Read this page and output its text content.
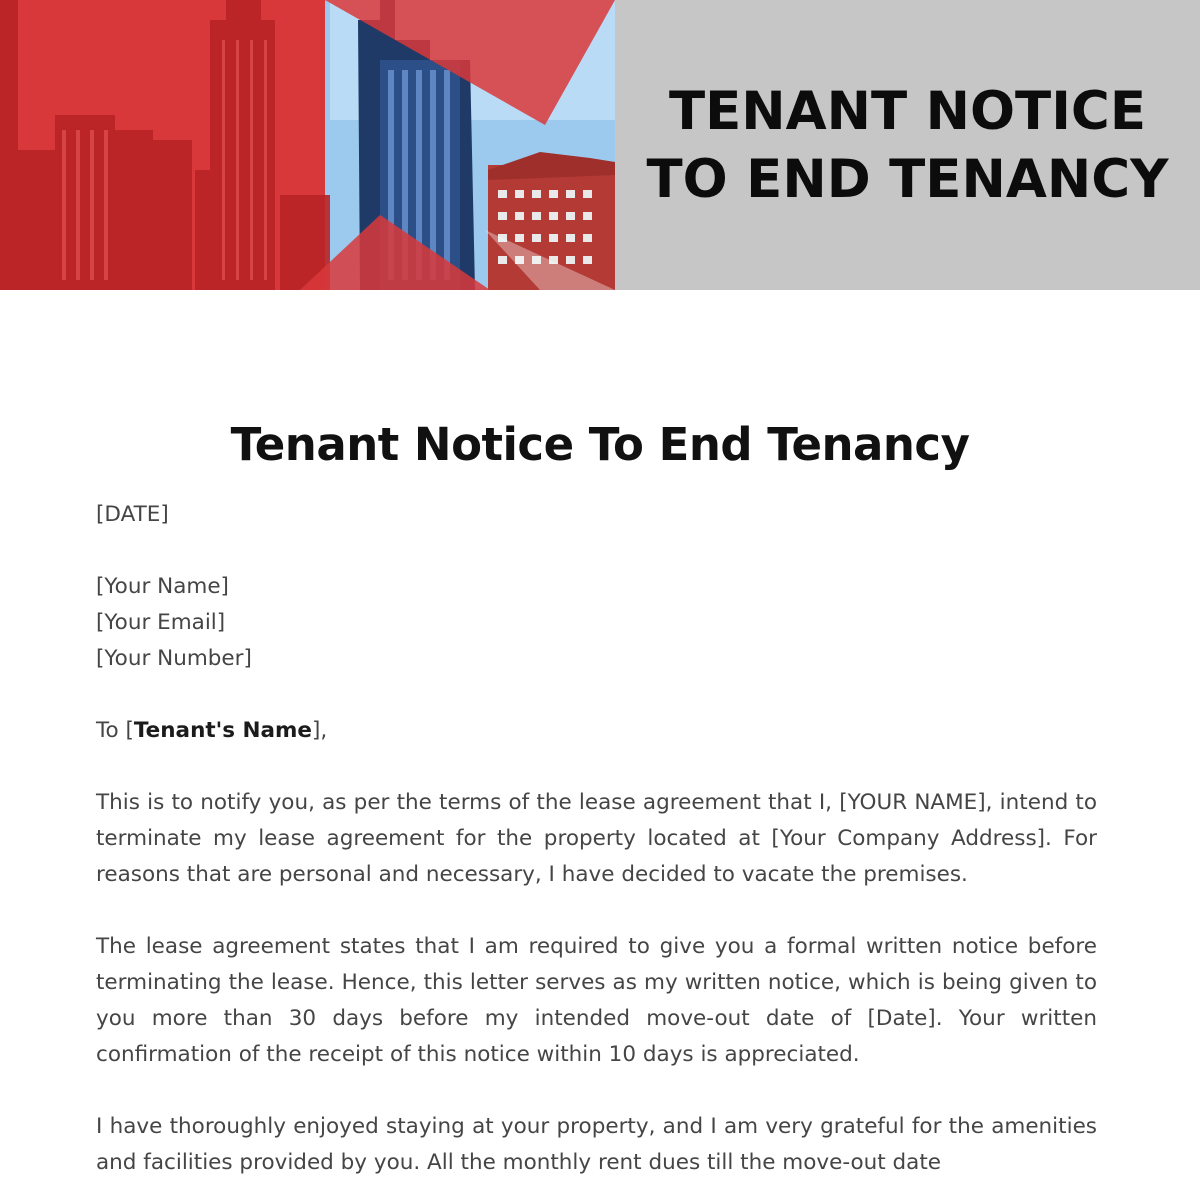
TENANT NOTICE
TO END TENANCY
Tenant Notice To End Tenancy
[DATE]
[Your Name]
[Your Email]
[Your Number]
To [Tenant's Name],

This is to notify you, as per the terms of the lease agreement that I, [YOUR NAME], intend to terminate my lease agreement for the property located at [Your Company Address]. For reasons that are personal and necessary, I have decided to vacate the premises.

The lease agreement states that I am required to give you a formal written notice before terminating the lease. Hence, this letter serves as my written notice, which is being given to you more than 30 days before my intended move-out date of [Date]. Your written confirmation of the receipt of this notice within 10 days is appreciated.

I have thoroughly enjoyed staying at your property, and I am very grateful for the amenities and facilities provided by you. All the monthly rent dues till the move-out date
